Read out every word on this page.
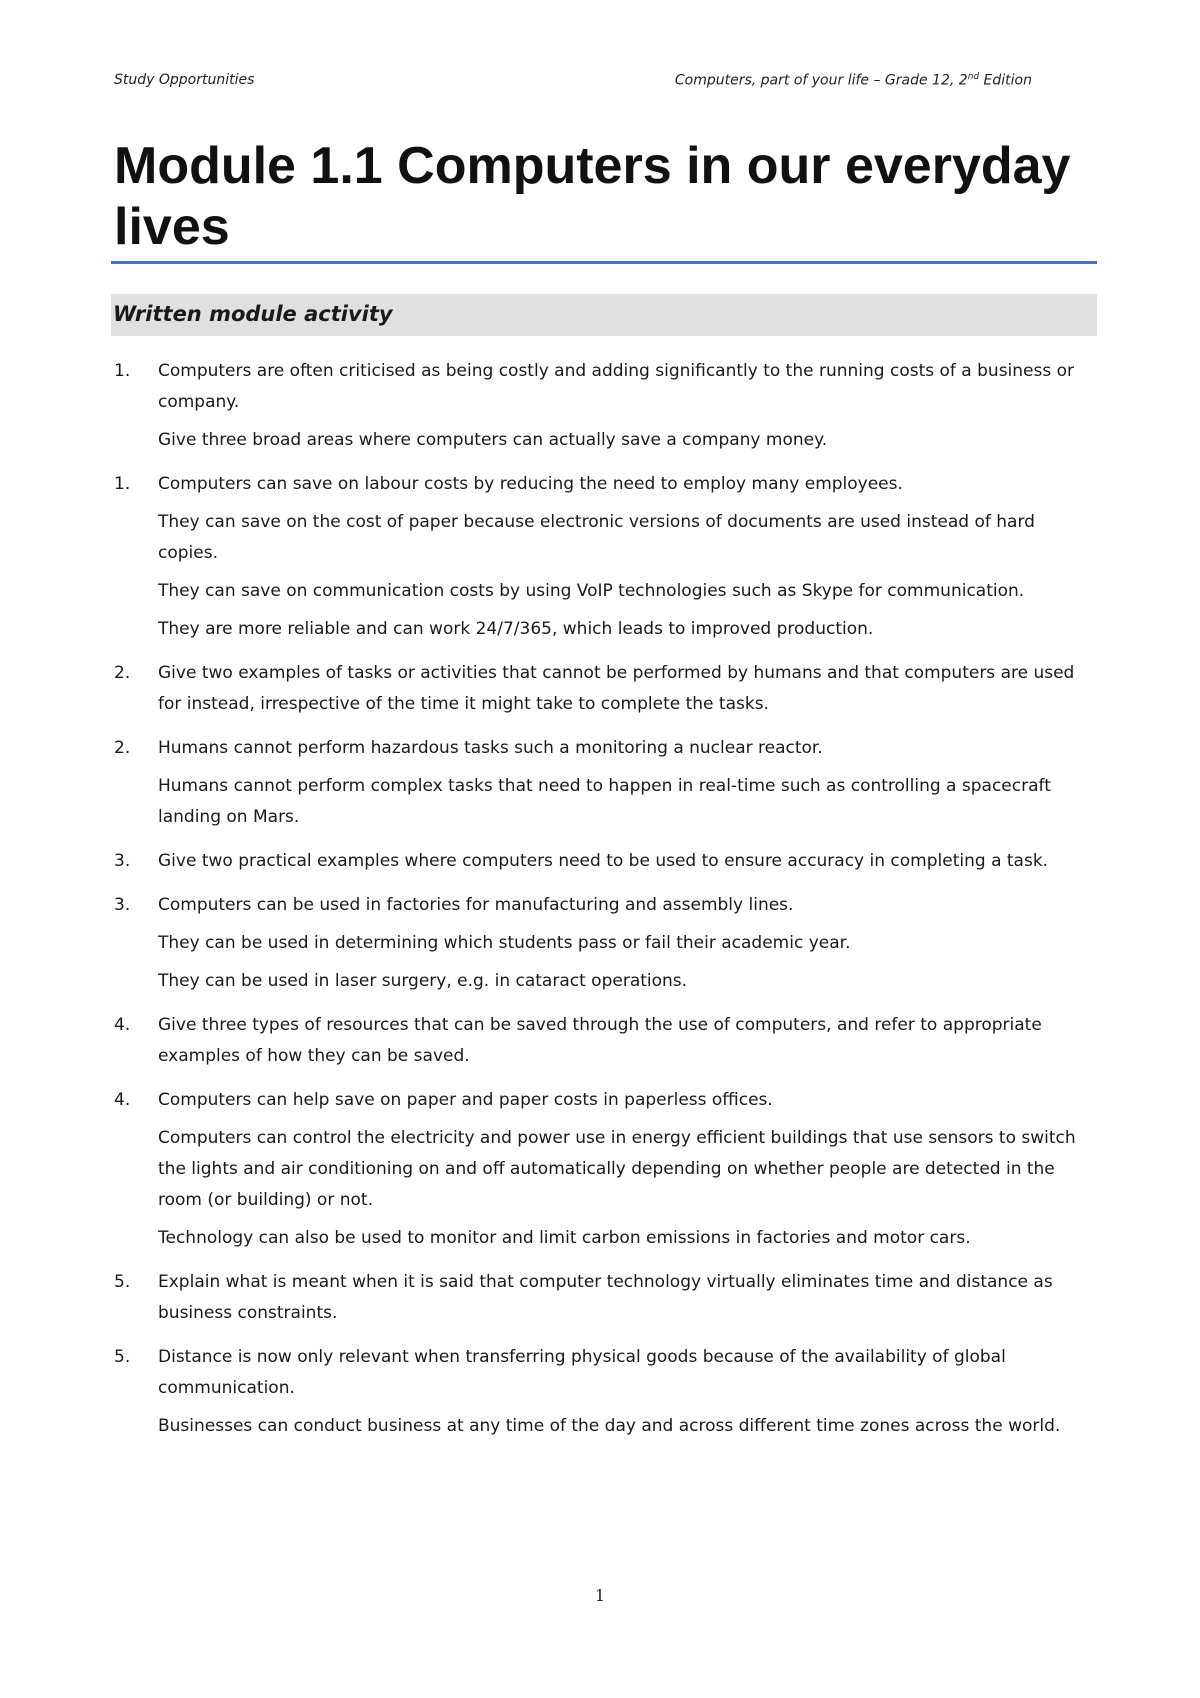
Study Opportunities	Computers, part of your life – Grade 12, 2nd Edition
Module 1.1 Computers in our everyday lives
Written module activity
1. Computers are often criticised as being costly and adding significantly to the running costs of a business or company.

Give three broad areas where computers can actually save a company money.

1. Computers can save on labour costs by reducing the need to employ many employees.

They can save on the cost of paper because electronic versions of documents are used instead of hard copies.

They can save on communication costs by using VoIP technologies such as Skype for communication.

They are more reliable and can work 24/7/365, which leads to improved production.

2. Give two examples of tasks or activities that cannot be performed by humans and that computers are used for instead, irrespective of the time it might take to complete the tasks.

2. Humans cannot perform hazardous tasks such a monitoring a nuclear reactor.

Humans cannot perform complex tasks that need to happen in real-time such as controlling a spacecraft landing on Mars.

3. Give two practical examples where computers need to be used to ensure accuracy in completing a task.

3. Computers can be used in factories for manufacturing and assembly lines.

They can be used in determining which students pass or fail their academic year.

They can be used in laser surgery, e.g. in cataract operations.

4. Give three types of resources that can be saved through the use of computers, and refer to appropriate examples of how they can be saved.

4. Computers can help save on paper and paper costs in paperless offices.

Computers can control the electricity and power use in energy efficient buildings that use sensors to switch the lights and air conditioning on and off automatically depending on whether people are detected in the room (or building) or not.

Technology can also be used to monitor and limit carbon emissions in factories and motor cars.

5. Explain what is meant when it is said that computer technology virtually eliminates time and distance as business constraints.

5. Distance is now only relevant when transferring physical goods because of the availability of global communication.

Businesses can conduct business at any time of the day and across different time zones across the world.

1
